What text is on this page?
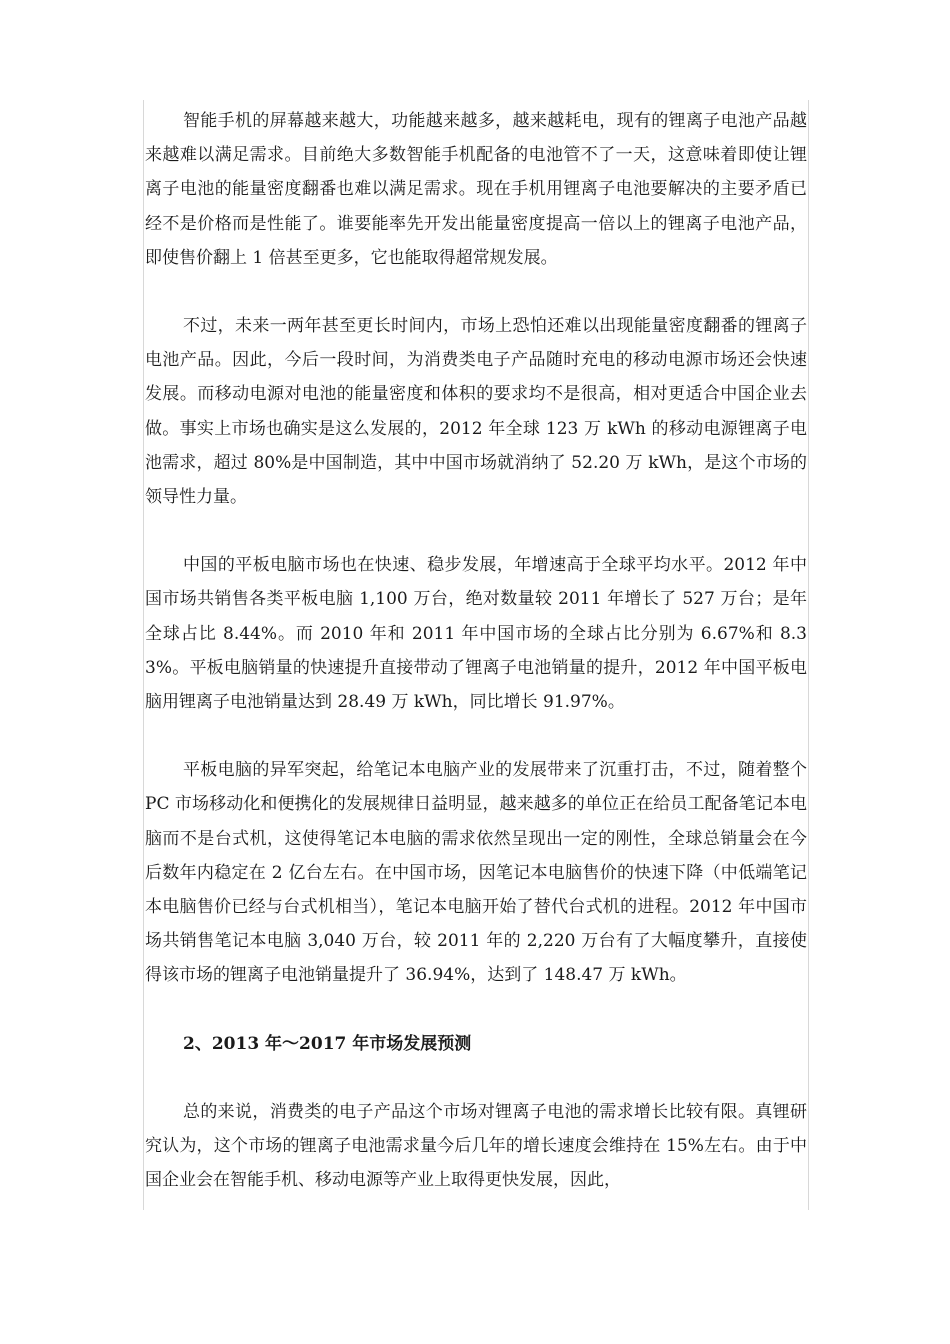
智能手机的屏幕越来越大，功能越来越多，越来越耗电，现有的锂离子电池产品越来越难以满足需求。目前绝大多数智能手机配备的电池管不了一天，这意味着即使让锂离子电池的能量密度翻番也难以满足需求。现在手机用锂离子电池要解决的主要矛盾已经不是价格而是性能了。谁要能率先开发出能量密度提高一倍以上的锂离子电池产品，即使售价翻上 1 倍甚至更多，它也能取得超常规发展。

不过，未来一两年甚至更长时间内，市场上恐怕还难以出现能量密度翻番的锂离子电池产品。因此，今后一段时间，为消费类电子产品随时充电的移动电源市场还会快速发展。而移动电源对电池的能量密度和体积的要求均不是很高，相对更适合中国企业去做。事实上市场也确实是这么发展的，2012 年全球 123 万 kWh 的移动电源锂离子电池需求，超过 80%是中国制造，其中中国市场就消纳了 52.20 万 kWh，是这个市场的领导性力量。

中国的平板电脑市场也在快速、稳步发展，年增速高于全球平均水平。2012 年中国市场共销售各类平板电脑 1,100 万台，绝对数量较 2011 年增长了 527 万台；是年全球占比 8.44%。而 2010 年和 2011 年中国市场的全球占比分别为 6.67%和 8.33%。平板电脑销量的快速提升直接带动了锂离子电池销量的提升，2012 年中国平板电脑用锂离子电池销量达到 28.49 万 kWh，同比增长 91.97%。

平板电脑的异军突起，给笔记本电脑产业的发展带来了沉重打击，不过，随着整个 PC 市场移动化和便携化的发展规律日益明显，越来越多的单位正在给员工配备笔记本电脑而不是台式机，这使得笔记本电脑的需求依然呈现出一定的刚性，全球总销量会在今后数年内稳定在 2 亿台左右。在中国市场，因笔记本电脑售价的快速下降（中低端笔记本电脑售价已经与台式机相当），笔记本电脑开始了替代台式机的进程。2012 年中国市场共销售笔记本电脑 3,040 万台，较 2011 年的 2,220 万台有了大幅度攀升，直接使得该市场的锂离子电池销量提升了 36.94%，达到了 148.47 万 kWh。

2、2013 年～2017 年市场发展预测

总的来说，消费类的电子产品这个市场对锂离子电池的需求增长比较有限。真锂研究认为，这个市场的锂离子电池需求量今后几年的增长速度会维持在 15%左右。由于中国企业会在智能手机、移动电源等产业上取得更快发展，因此，
